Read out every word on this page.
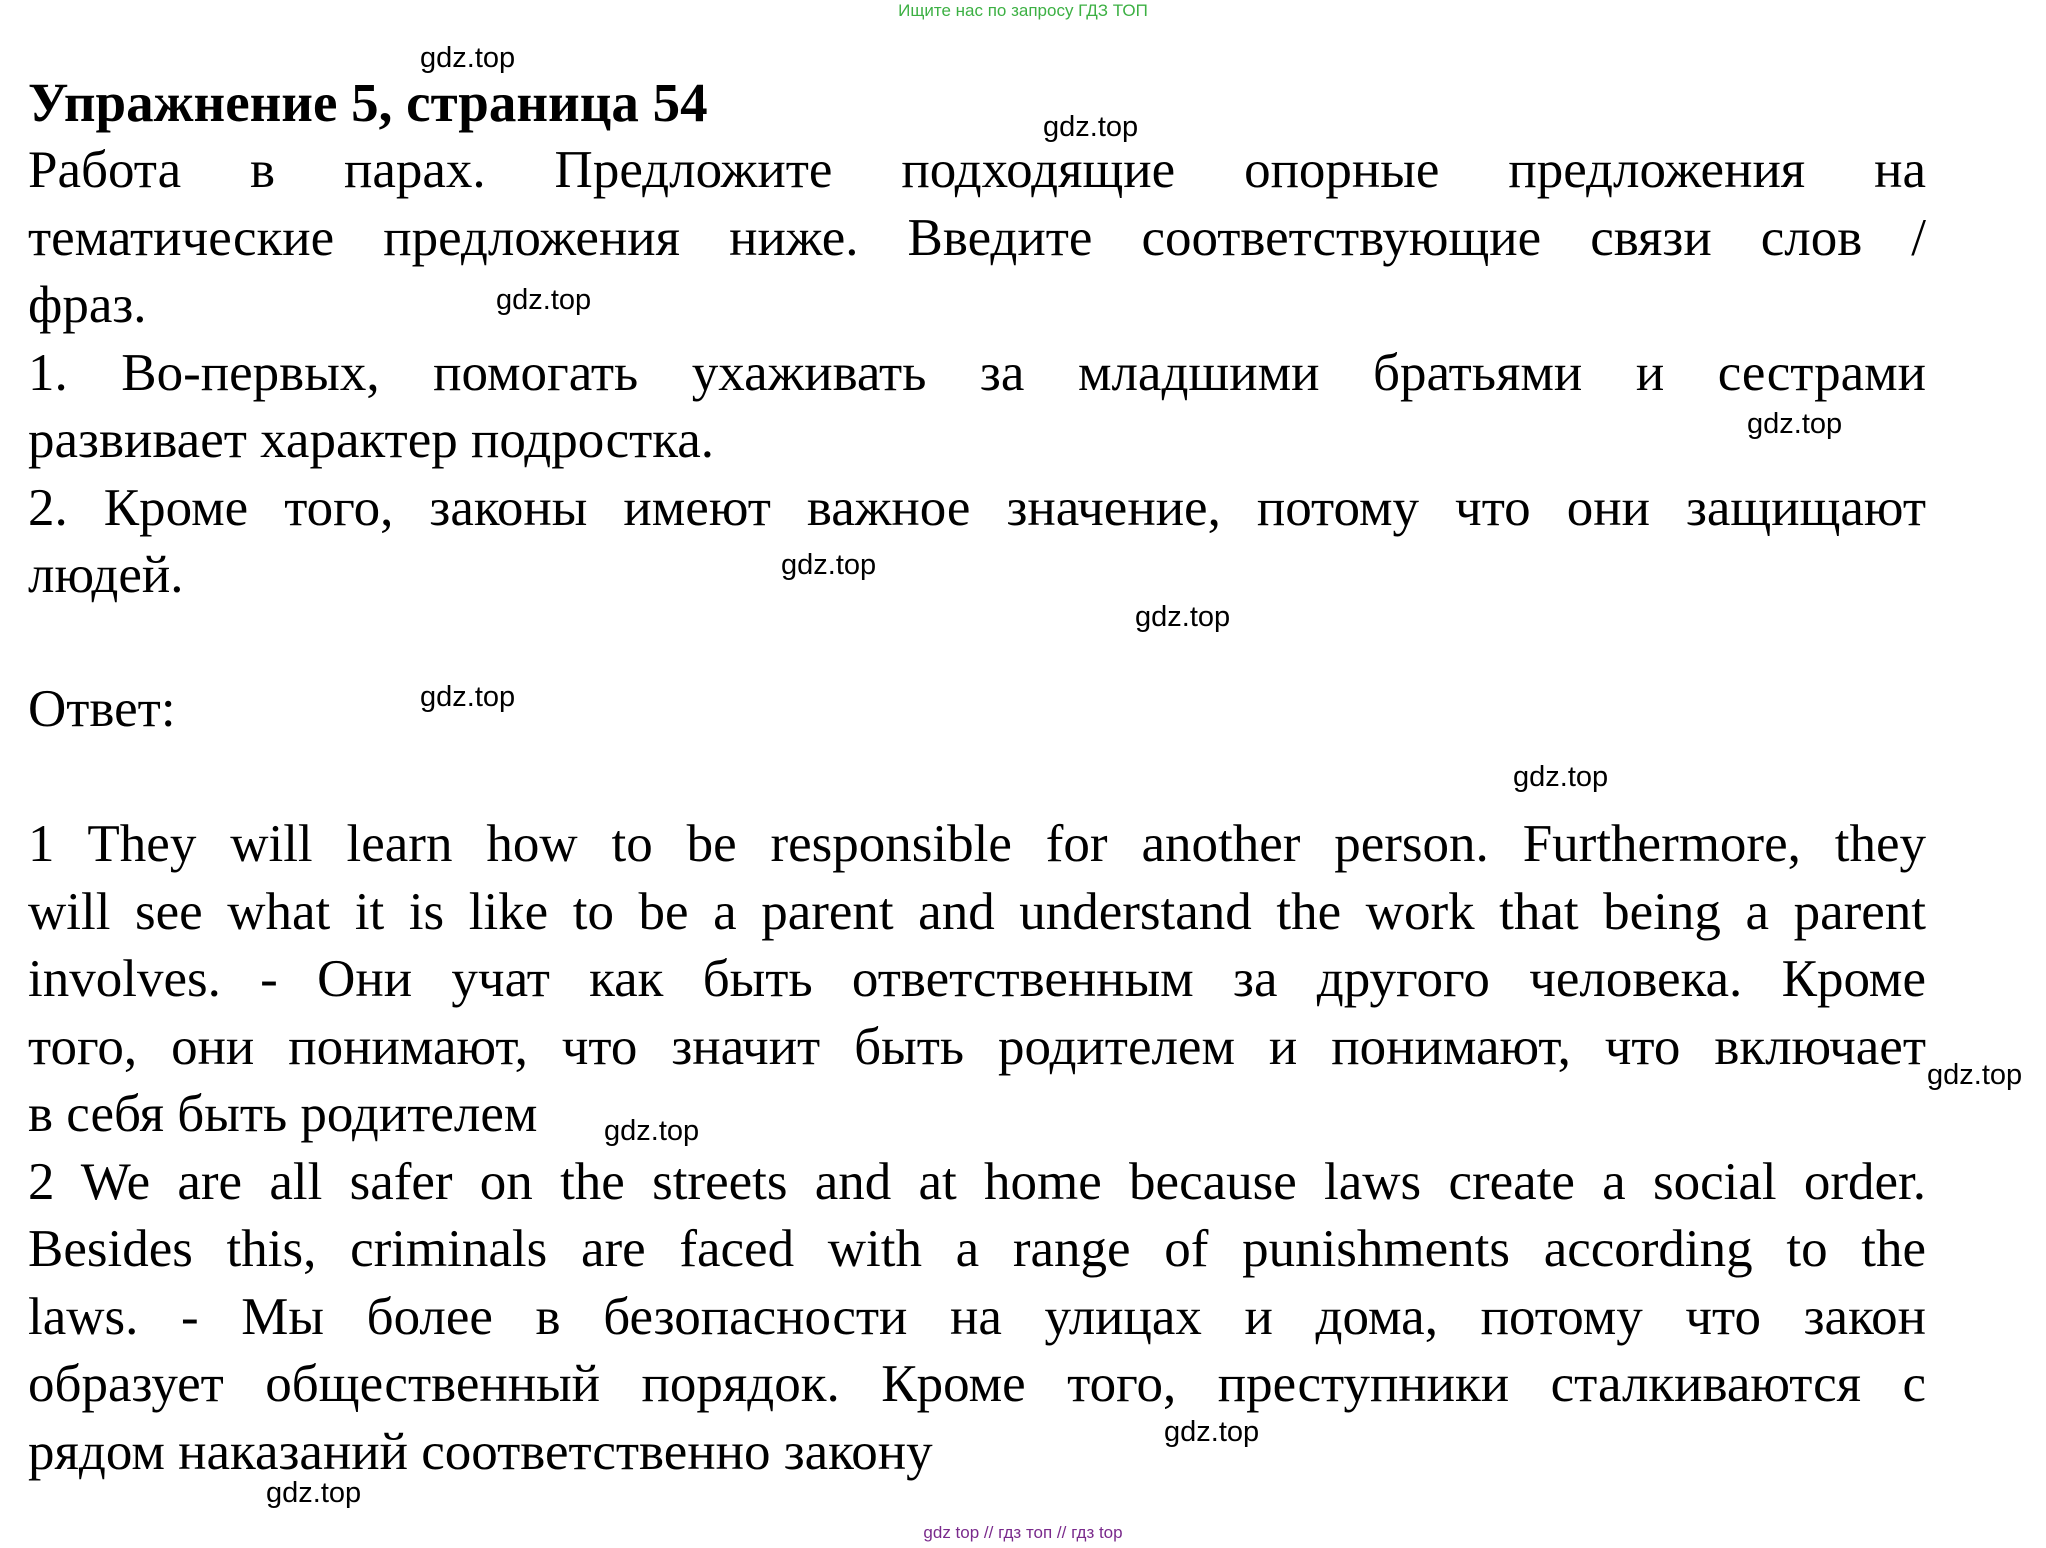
Ищите нас по запросу ГДЗ ТОП
Упражнение 5, страница 54
Работа в парах. Предложите подходящие опорные предложения на
тематические предложения ниже. Введите соответствующие связи слов /
фраз.
1. Во-первых, помогать ухаживать за младшими братьями и сестрами
развивает характер подростка.
2. Кроме того, законы имеют важное значение, потому что они защищают
людей.
Ответ:
1 They will learn how to be responsible for another person. Furthermore, they
will see what it is like to be a parent and understand the work that being a parent
involves. - Они учат как быть ответственным за другого человека. Кроме
того, они понимают, что значит быть родителем и понимают, что включает
в себя быть родителем
2 We are all safer on the streets and at home because laws create a social order.
Besides this, criminals are faced with a range of punishments according to the
laws. - Мы более в безопасности на улицах и дома, потому что закон
образует общественный порядок. Кроме того, преступники сталкиваются с
рядом наказаний соответственно закону
gdz.top
gdz.top
gdz.top
gdz.top
gdz.top
gdz.top
gdz.top
gdz.top
gdz.top
gdz.top
gdz.top
gdz.top
gdz top // гдз топ // гдз top
